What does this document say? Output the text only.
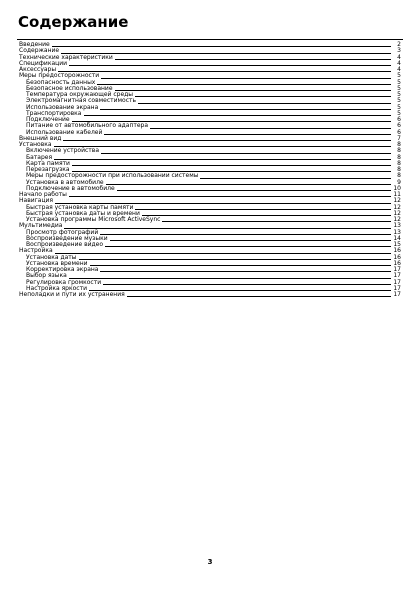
Содержание
Введение	2
Содержание	3
Технические характеристики	4
Спецификации	4
Аксессуары	4
Меры предосторожности	5
Безопасность данных	5
Безопасное использование	5
Температура окружающей среды	5
Электромагнитная совместимость	5
Использование экрана	5
Транспортировка	5
Подключение	6
Питание от автомобильного адаптера	6
Использование кабелей	6
Внешний вид	7
Установка	8
Включение устройства	8
Батарея	8
Карта памяти	8
Перезагрузка	8
Меры предосторожности при использовании системы	8
Установка в автомобиле	9
Подключение в автомобиле	10
Начало работы	11
Навигация	12
Быстрая установка карты памяти	12
Быстрая установка даты и времени	12
Установка программы Microsoft ActiveSync	12
Мультимедиа	13
Просмотр фотографий	13
Воспроизведение музыки	14
Воспроизведение видео	15
Настройка	16
Установка даты	16
Установка времени	16
Корректировка экрана	17
Выбор языка	17
Регулировка громкости	17
Настройка яркости	17
Неполадки и пути их устранения	17
3
